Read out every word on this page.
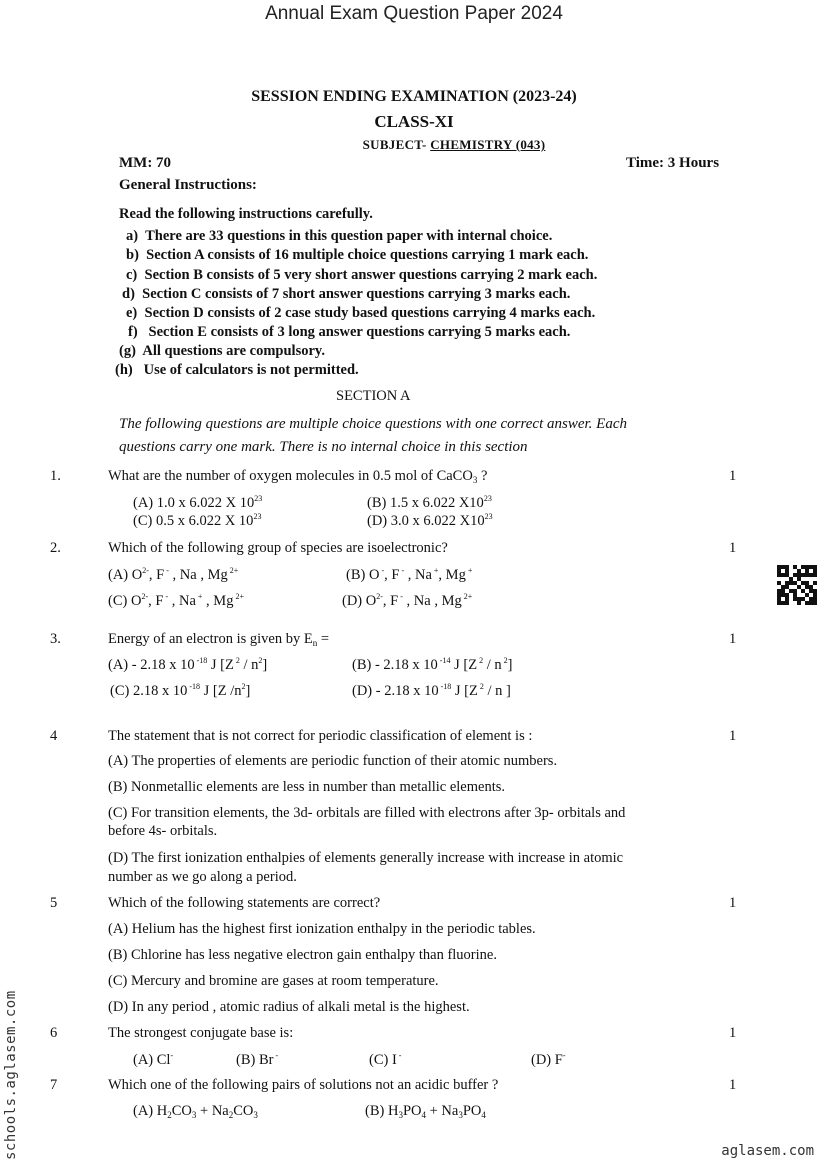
Annual Exam Question Paper 2024
SESSION ENDING EXAMINATION (2023-24)
CLASS-XI
SUBJECT- CHEMISTRY (043)
MM: 70	Time: 3 Hours
General Instructions:
Read the following instructions carefully.
a) There are 33 questions in this question paper with internal choice.
b) Section A consists of 16 multiple choice questions carrying 1 mark each.
c) Section B consists of 5 very short answer questions carrying 2 mark each.
d) Section C consists of 7 short answer questions carrying 3 marks each.
e) Section D consists of 2 case study based questions carrying 4 marks each.
f) Section E consists of 3 long answer questions carrying 5 marks each.
(g) All questions are compulsory.
(h) Use of calculators is not permitted.
SECTION A
The following questions are multiple choice questions with one correct answer. Each
questions carry one mark. There is no internal choice in this section
1.	What are the number of oxygen molecules in 0.5 mol of CaCO$_3$ ?	1
(A) 1.0 x 6.022 X $10^{23}$	(B) 1.5 x 6.022 $X10^{23}$
(C) 0.5 x 6.022 X $10^{23}$	(D) 3.0 x 6.022 $X10^{23}$
2.	Which of the following group of species are isoelectronic?	1
(A) $O^{2-}$, F - , Na , Mg $^{2+}$	(B) O -, F - , Na +, Mg +
(C) $O^{2-}$, F - , Na + , Mg $^{2+}$	(D) $O^{2-}$, F - , Na , Mg $^{2+}$
3.	Energy of an electron is given by $E_n$ =	1
(A) - 2.18 x 10 $^{-18}$ J [Z $^2 / n^2$]	(B) - 2.18 x 10 $^{-14}$ J [Z $^2$ / n $^2$]
(C) 2.18 x 10 $^{-18}$ J [Z $/n^2$]	(D) - 2.18 x 10 $^{-18}$ J [Z $^2$ / n ]
4	The statement that is not correct for periodic classification of element is :	1
(A) The properties of elements are periodic function of their atomic numbers.
(B) Nonmetallic elements are less in number than metallic elements.
(C) For transition elements, the 3d- orbitals are filled with electrons after 3p- orbitals and
before 4s- orbitals.
(D) The first ionization enthalpies of elements generally increase with increase in atomic
number as we go along a period.
5	Which of the following statements are correct?	1
(A) Helium has the highest first ionization enthalpy in the periodic tables.
(B) Chlorine has less negative electron gain enthalpy than fluorine.
(C) Mercury and bromine are gases at room temperature.
(D) In any period , atomic radius of alkali metal is the highest.
6	The strongest conjugate base is:	1
(A) Cl-	(B) Br -	(C) I -	(D) F-
7	Which one of the following pairs of solutions not an acidic buffer ?	1
(A) $H_2CO_3 + Na_2CO_3$	(B) $H_3PO_4 + Na_3PO_4$
schools.aglasem.com	aglasem.com
